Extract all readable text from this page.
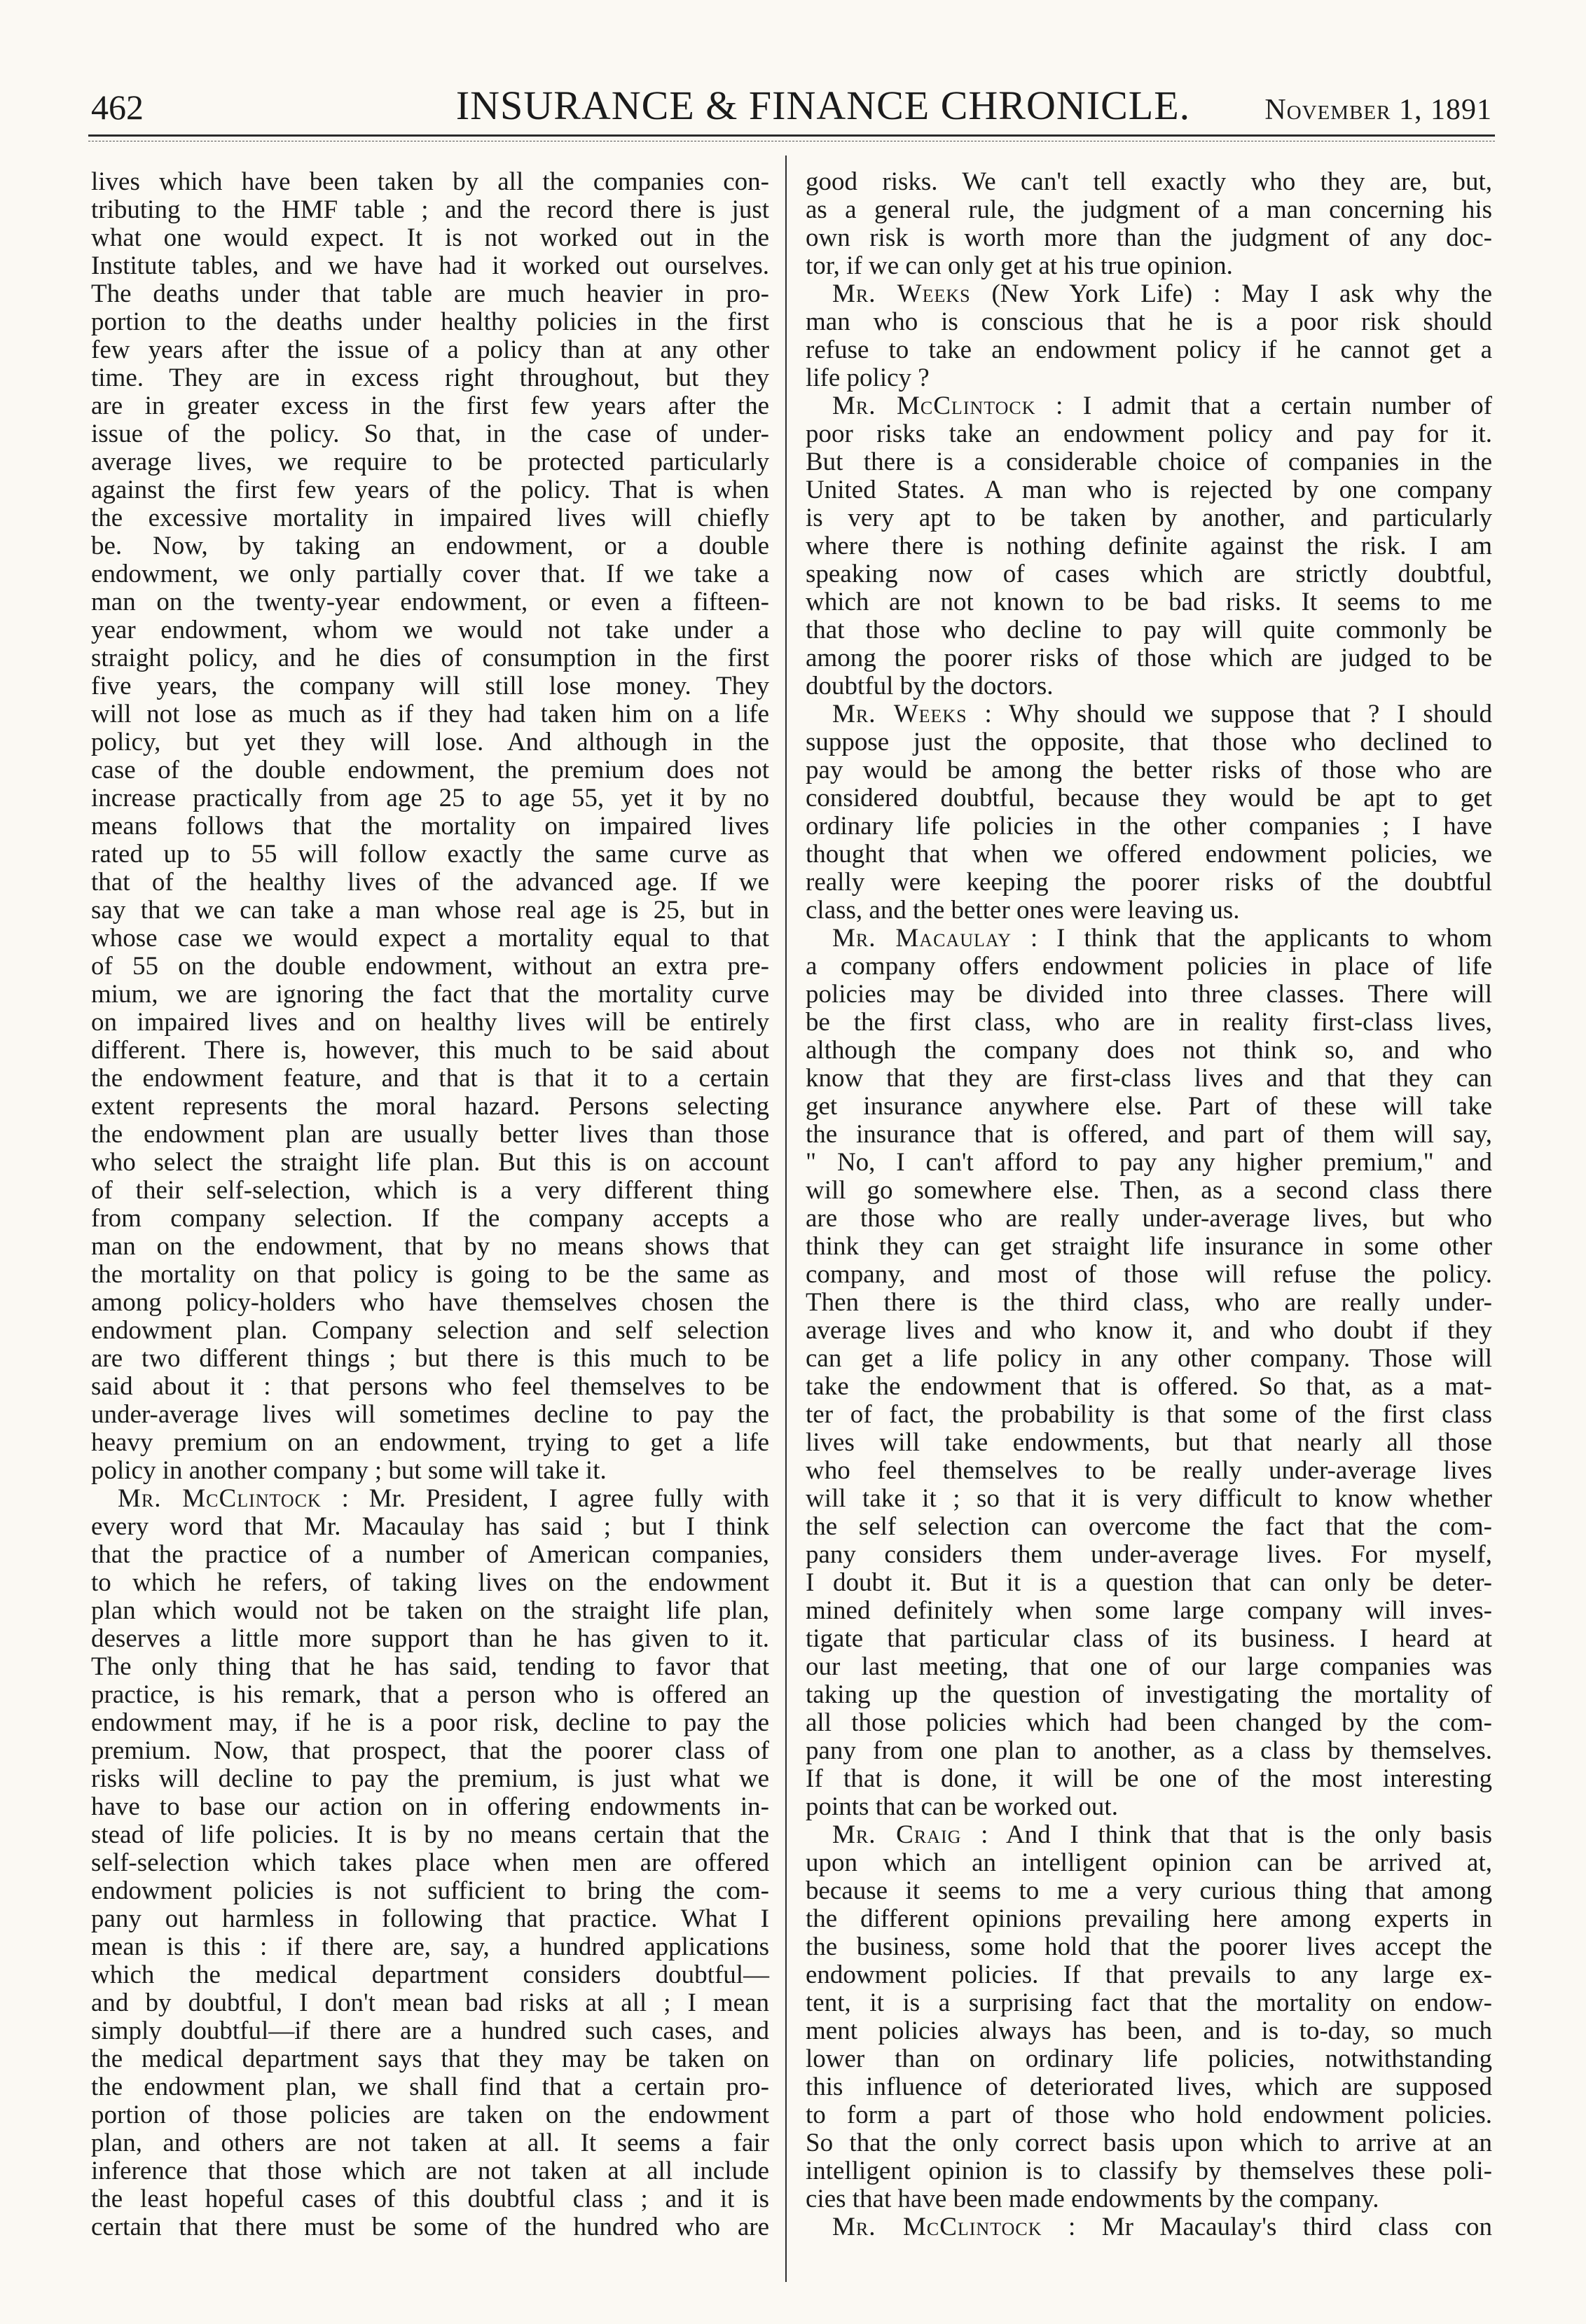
462	INSURANCE & FINANCE CHRONICLE.	November 1, 1891
lives which have been taken by all the companies con-
tributing to the HMF table ; and the record there is just
what one would expect. It is not worked out in the
Institute tables, and we have had it worked out ourselves.
The deaths under that table are much heavier in pro-
portion to the deaths under healthy policies in the first
few years after the issue of a policy than at any other
time. They are in excess right throughout, but they
are in greater excess in the first few years after the
issue of the policy. So that, in the case of under-
average lives, we require to be protected particularly
against the first few years of the policy. That is when
the excessive mortality in impaired lives will chiefly
be. Now, by taking an endowment, or a double
endowment, we only partially cover that. If we take a
man on the twenty-year endowment, or even a fifteen-
year endowment, whom we would not take under a
straight policy, and he dies of consumption in the first
five years, the company will still lose money. They
will not lose as much as if they had taken him on a life
policy, but yet they will lose. And although in the
case of the double endowment, the premium does not
increase practically from age 25 to age 55, yet it by no
means follows that the mortality on impaired lives
rated up to 55 will follow exactly the same curve as
that of the healthy lives of the advanced age. If we
say that we can take a man whose real age is 25, but in
whose case we would expect a mortality equal to that
of 55 on the double endowment, without an extra pre-
mium, we are ignoring the fact that the mortality curve
on impaired lives and on healthy lives will be entirely
different. There is, however, this much to be said about
the endowment feature, and that is that it to a certain
extent represents the moral hazard. Persons selecting
the endowment plan are usually better lives than those
who select the straight life plan. But this is on account
of their self-selection, which is a very different thing
from company selection. If the company accepts a
man on the endowment, that by no means shows that
the mortality on that policy is going to be the same as
among policy-holders who have themselves chosen the
endowment plan. Company selection and self selection
are two different things ; but there is this much to be
said about it : that persons who feel themselves to be
under-average lives will sometimes decline to pay the
heavy premium on an endowment, trying to get a life
policy in another company ; but some will take it.
Mr. McClintock : Mr. President, I agree fully with
every word that Mr. Macaulay has said ; but I think
that the practice of a number of American companies,
to which he refers, of taking lives on the endowment
plan which would not be taken on the straight life plan,
deserves a little more support than he has given to it.
The only thing that he has said, tending to favor that
practice, is his remark, that a person who is offered an
endowment may, if he is a poor risk, decline to pay the
premium. Now, that prospect, that the poorer class of
risks will decline to pay the premium, is just what we
have to base our action on in offering endowments in-
stead of life policies. It is by no means certain that the
self-selection which takes place when men are offered
endowment policies is not sufficient to bring the com-
pany out harmless in following that practice. What I
mean is this : if there are, say, a hundred applications
which the medical department considers doubtful—
and by doubtful, I don't mean bad risks at all ; I mean
simply doubtful—if there are a hundred such cases, and
the medical department says that they may be taken on
the endowment plan, we shall find that a certain pro-
portion of those policies are taken on the endowment
plan, and others are not taken at all. It seems a fair
inference that those which are not taken at all include
the least hopeful cases of this doubtful class ; and it is
certain that there must be some of the hundred who are
good risks. We can't tell exactly who they are, but,
as a general rule, the judgment of a man concerning his
own risk is worth more than the judgment of any doc-
tor, if we can only get at his true opinion.
Mr. Weeks (New York Life) : May I ask why the
man who is conscious that he is a poor risk should
refuse to take an endowment policy if he cannot get a
life policy ?
Mr. McClintock : I admit that a certain number of
poor risks take an endowment policy and pay for it.
But there is a considerable choice of companies in the
United States. A man who is rejected by one company
is very apt to be taken by another, and particularly
where there is nothing definite against the risk. I am
speaking now of cases which are strictly doubtful,
which are not known to be bad risks. It seems to me
that those who decline to pay will quite commonly be
among the poorer risks of those which are judged to be
doubtful by the doctors.
Mr. Weeks : Why should we suppose that ? I should
suppose just the opposite, that those who declined to
pay would be among the better risks of those who are
considered doubtful, because they would be apt to get
ordinary life policies in the other companies ; I have
thought that when we offered endowment policies, we
really were keeping the poorer risks of the doubtful
class, and the better ones were leaving us.
Mr. Macaulay : I think that the applicants to whom
a company offers endowment policies in place of life
policies may be divided into three classes. There will
be the first class, who are in reality first-class lives,
although the company does not think so, and who
know that they are first-class lives and that they can
get insurance anywhere else. Part of these will take
the insurance that is offered, and part of them will say,
" No, I can't afford to pay any higher premium," and
will go somewhere else. Then, as a second class there
are those who are really under-average lives, but who
think they can get straight life insurance in some other
company, and most of those will refuse the policy.
Then there is the third class, who are really under-
average lives and who know it, and who doubt if they
can get a life policy in any other company. Those will
take the endowment that is offered. So that, as a mat-
ter of fact, the probability is that some of the first class
lives will take endowments, but that nearly all those
who feel themselves to be really under-average lives
will take it ; so that it is very difficult to know whether
the self selection can overcome the fact that the com-
pany considers them under-average lives. For myself,
I doubt it. But it is a question that can only be deter-
mined definitely when some large company will inves-
tigate that particular class of its business. I heard at
our last meeting, that one of our large companies was
taking up the question of investigating the mortality of
all those policies which had been changed by the com-
pany from one plan to another, as a class by themselves.
If that is done, it will be one of the most interesting
points that can be worked out.
Mr. Craig : And I think that that is the only basis
upon which an intelligent opinion can be arrived at,
because it seems to me a very curious thing that among
the different opinions prevailing here among experts in
the business, some hold that the poorer lives accept the
endowment policies. If that prevails to any large ex-
tent, it is a surprising fact that the mortality on endow-
ment policies always has been, and is to-day, so much
lower than on ordinary life policies, notwithstanding
this influence of deteriorated lives, which are supposed
to form a part of those who hold endowment policies.
So that the only correct basis upon which to arrive at an
intelligent opinion is to classify by themselves these poli-
cies that have been made endowments by the company.
Mr. McClintock : Mr Macaulay's third class con
